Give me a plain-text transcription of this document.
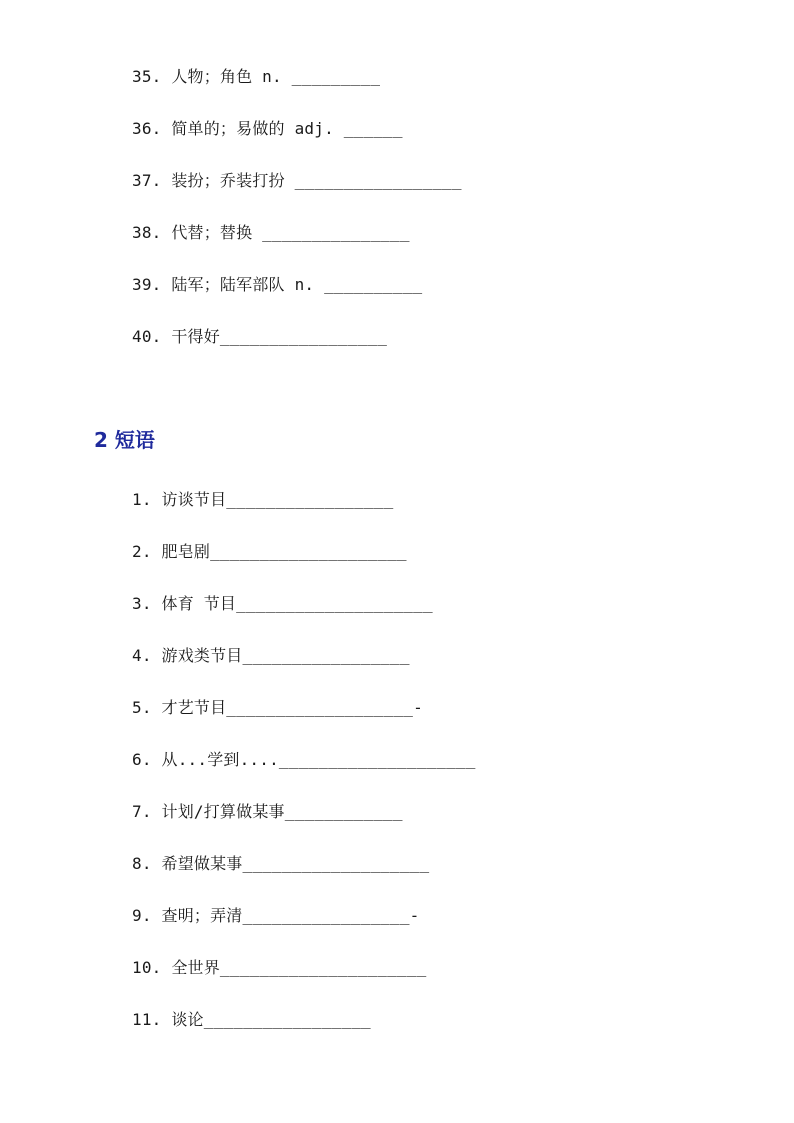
35. 人物；角色 n. _________
36. 简单的；易做的 adj. ______
37. 装扮；乔装打扮 _________________
38. 代替；替换 _______________
39. 陆军；陆军部队 n. __________
40. 干得好_________________
2 短语
1. 访谈节目_________________
2. 肥皂剧____________________
3. 体育 节目____________________
4. 游戏类节目_________________
5. 才艺节目___________________-
6. 从...学到....____________________
7. 计划/打算做某事____________
8. 希望做某事___________________
9. 查明；弄清_________________-
10. 全世界_____________________
11. 谈论_________________
